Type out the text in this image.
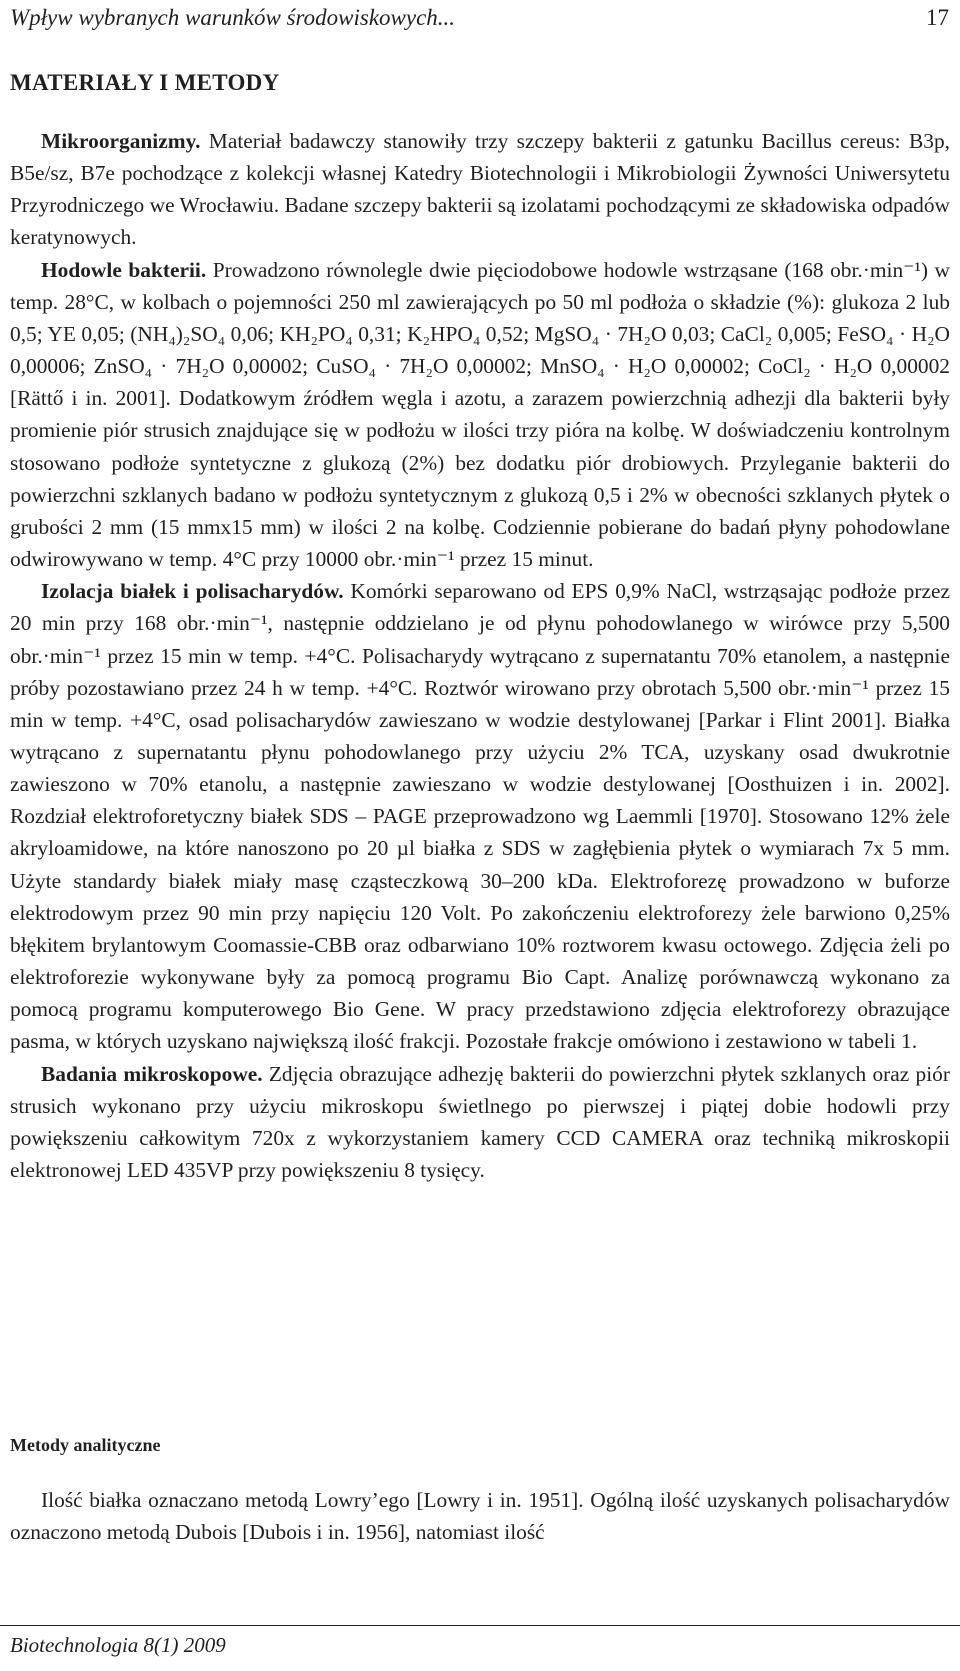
Wpływ wybranych warunków środowiskowych...	17
MATERIAŁY I METODY

Mikroorganizmy. Materiał badawczy stanowiły trzy szczepy bakterii z gatunku Bacillus cereus: B3p, B5e/sz, B7e pochodzące z kolekcji własnej Katedry Biotechnologii i Mikrobiologii Żywności Uniwersytetu Przyrodniczego we Wrocławiu. Badane szczepy bakterii są izolatami pochodzącymi ze składowiska odpadów keratynowych.

Hodowle bakterii. Prowadzono równolegle dwie pięciodobowe hodowle wstrząsane (168 obr.·min⁻¹) w temp. 28°C, w kolbach o pojemności 250 ml zawierających po 50 ml podłoża o składzie (%): glukoza 2 lub 0,5; YE 0,05; (NH₄)₂SO₄ 0,06; KH₂PO₄ 0,31; K₂HPO₄ 0,52; MgSO₄ · 7H₂O 0,03; CaCl₂ 0,005; FeSO₄ · H₂O 0,00006; ZnSO₄ · 7H₂O 0,00002; CuSO₄ · 7H₂O 0,00002; MnSO₄ · H₂O 0,00002; CoCl₂ · H₂O 0,00002 [Rättő i in. 2001]. Dodatkowym źródłem węgla i azotu, a zarazem powierzchnią adhezji dla bakterii były promienie piór strusich znajdujące się w podłożu w ilości trzy pióra na kolbę. W doświadczeniu kontrolnym stosowano podłoże syntetyczne z glukozą (2%) bez dodatku piór drobiowych. Przyleganie bakterii do powierzchni szklanych badano w podłożu syntetycznym z glukozą 0,5 i 2% w obecności szklanych płytek o grubości 2 mm (15 mmx15 mm) w ilości 2 na kolbę. Codziennie pobierane do badań płyny pohodowlane odwirowywano w temp. 4°C przy 10000 obr.·min⁻¹ przez 15 minut.

Izolacja białek i polisacharydów. Komórki separowano od EPS 0,9% NaCl, wstrząsając podłoże przez 20 min przy 168 obr.·min⁻¹, następnie oddzielano je od płynu pohodowlanego w wirówce przy 5,500 obr.·min⁻¹ przez 15 min w temp. +4°C. Polisacharydy wytrącano z supernatantu 70% etanolem, a następnie próby pozostawiano przez 24 h w temp. +4°C. Roztwór wirowano przy obrotach 5,500 obr.·min⁻¹ przez 15 min w temp. +4°C, osad polisacharydów zawieszano w wodzie destylowanej [Parkar i Flint 2001]. Białka wytrącano z supernatantu płynu pohodowlanego przy użyciu 2% TCA, uzyskany osad dwukrotnie zawieszono w 70% etanolu, a następnie zawieszano w wodzie destylowanej [Oosthuizen i in. 2002]. Rozdział elektroforetyczny białek SDS – PAGE przeprowadzono wg Laemmli [1970]. Stosowano 12% żele akryloamidowe, na które nanoszono po 20 µl białka z SDS w zagłębienia płytek o wymiarach 7x 5 mm. Użyte standardy białek miały masę cząsteczkową 30–200 kDa. Elektroforezę prowadzono w buforze elektrodowym przez 90 min przy napięciu 120 Volt. Po zakończeniu elektroforezy żele barwiono 0,25% błękitem brylantowym Coomassie-CBB oraz odbarwiano 10% roztworem kwasu octowego. Zdjęcia żeli po elektroforezie wykonywane były za pomocą programu Bio Capt. Analizę porównawczą wykonano za pomocą programu komputerowego Bio Gene. W pracy przedstawiono zdjęcia elektroforezy obrazujące pasma, w których uzyskano największą ilość frakcji. Pozostałe frakcje omówiono i zestawiono w tabeli 1.

Badania mikroskopowe. Zdjęcia obrazujące adhezję bakterii do powierzchni płytek szklanych oraz piór strusich wykonano przy użyciu mikroskopu świetlnego po pierwszej i piątej dobie hodowli przy powiększeniu całkowitym 720x z wykorzystaniem kamery CCD CAMERA oraz techniką mikroskopii elektronowej LED 435VP przy powiększeniu 8 tysięcy.

Metody analityczne

Ilość białka oznaczano metodą Lowry’ego [Lowry i in. 1951]. Ogólną ilość uzyskanych polisacharydów oznaczono metodą Dubois [Dubois i in. 1956], natomiast ilość

Biotechnologia 8(1) 2009
